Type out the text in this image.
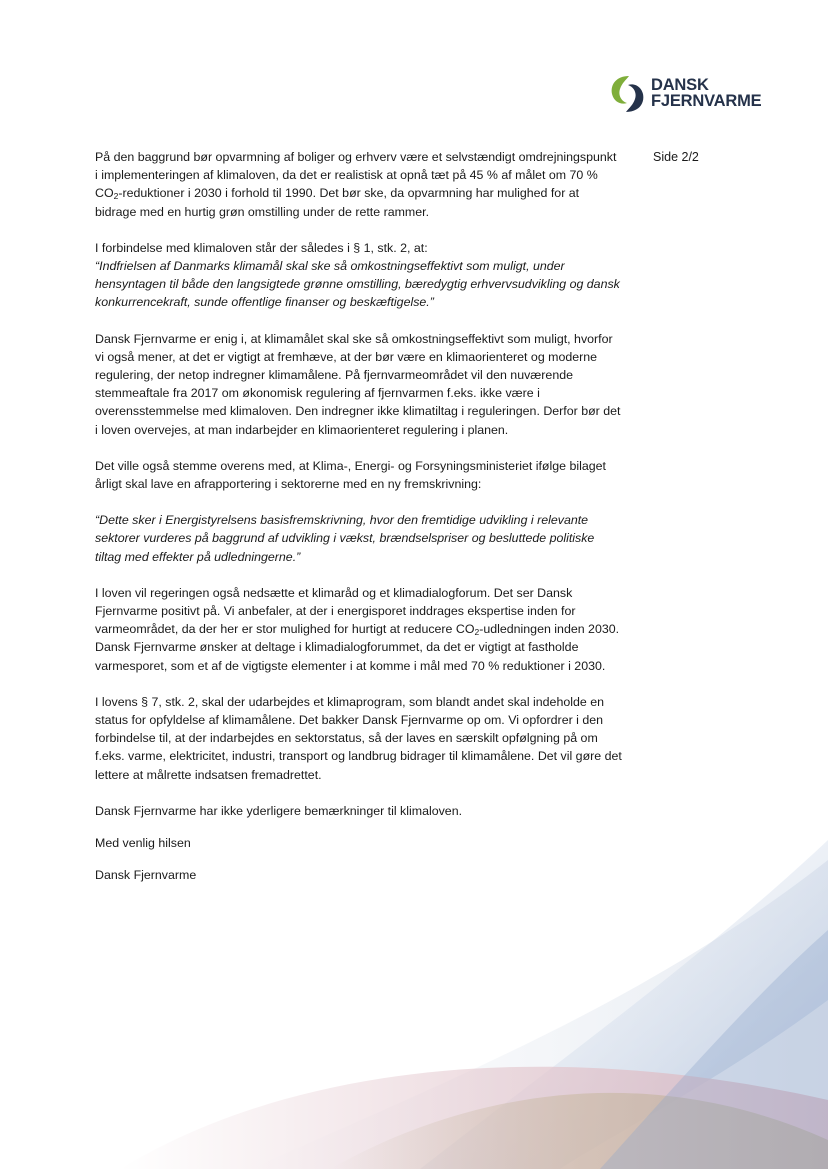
DANSK
FJERNVARME
Side 2/2

På den baggrund bør opvarmning af boliger og erhverv være et selvstændigt omdrejningspunkt i implementeringen af klimaloven, da det er realistisk at opnå tæt på 45 % af målet om 70 % $CO_2$-reduktioner i 2030 i forhold til 1990. Det bør ske, da opvarmning har mulighed for at bidrage med en hurtig grøn omstilling under de rette rammer.

I forbindelse med klimaloven står der således i § 1, stk. 2, at:

“Indfrielsen af Danmarks klimamål skal ske så omkostningseffektivt som muligt, under hensyntagen til både den langsigtede grønne omstilling, bæredygtig erhvervsudvikling og dansk konkurrencekraft, sunde offentlige finanser og beskæftigelse.”

Dansk Fjernvarme er enig i, at klimamålet skal ske så omkostningseffektivt som muligt, hvorfor vi også mener, at det er vigtigt at fremhæve, at der bør være en klimaorienteret og moderne regulering, der netop indregner klimamålene. På fjernvarmeområdet vil den nuværende stemmeaftale fra 2017 om økonomisk regulering af fjernvarmen f.eks. ikke være i overensstemmelse med klimaloven. Den indregner ikke klimatiltag i reguleringen. Derfor bør det i loven overvejes, at man indarbejder en klimaorienteret regulering i planen.

Det ville også stemme overens med, at Klima-, Energi- og Forsyningsministeriet ifølge bilaget årligt skal lave en afrapportering i sektorerne med en ny fremskrivning:

“Dette sker i Energistyrelsens basisfremskrivning, hvor den fremtidige udvikling i relevante sektorer vurderes på baggrund af udvikling i vækst, brændselspriser og besluttede politiske tiltag med effekter på udledningerne.”

I loven vil regeringen også nedsætte et klimaråd og et klimadialogforum. Det ser Dansk Fjernvarme positivt på. Vi anbefaler, at der i energisporet inddrages ekspertise inden for varmeområdet, da der her er stor mulighed for hurtigt at reducere $CO_2$-udledningen inden 2030. Dansk Fjernvarme ønsker at deltage i klimadialogforummet, da det er vigtigt at fastholde varmesporet, som et af de vigtigste elementer i at komme i mål med 70 % reduktioner i 2030.

I lovens § 7, stk. 2, skal der udarbejdes et klimaprogram, som blandt andet skal indeholde en status for opfyldelse af klimamålene. Det bakker Dansk Fjernvarme op om. Vi opfordrer i den forbindelse til, at der indarbejdes en sektorstatus, så der laves en særskilt opfølgning på om f.eks. varme, elektricitet, industri, transport og landbrug bidrager til klimamålene. Det vil gøre det lettere at målrette indsatsen fremadrettet.

Dansk Fjernvarme har ikke yderligere bemærkninger til klimaloven.

Med venlig hilsen

Dansk Fjernvarme
